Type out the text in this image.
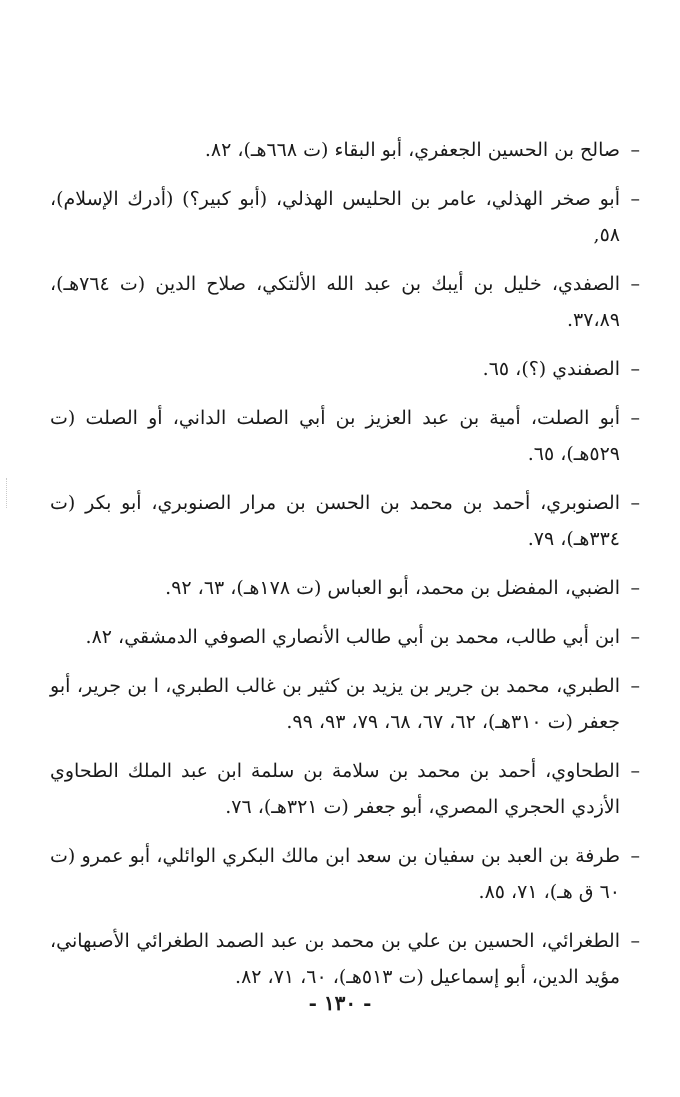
–
صالح بن الحسين الجعفري، أبو البقاء (ت ٦٦٨هـ)، ٨٢.
–
أبو صخر الهذلي، عامر بن الحليس الهذلي، (أبو كبير؟) (أدرك الإسلام)، ٥٨,
–
الصفدي، خليل بن أيبك بن عبد الله الألتكي، صلاح الدين (ت ٧٦٤هـ)، ٣٧،٨٩.
–
الصفندي (؟)، ٦٥.
–
أبو الصلت، أمية بن عبد العزيز بن أبي الصلت الداني، أو الصلت (ت ٥٢٩هـ)، ٦٥.
–
الصنوبري، أحمد بن محمد بن الحسن بن مرار الصنوبري، أبو بكر (ت ٣٣٤هـ)، ٧٩.
–
الضبي، المفضل بن محمد، أبو العباس (ت ١٧٨هـ)، ٦٣، ٩٢.
–
ابن أبي طالب، محمد بن أبي طالب الأنصاري الصوفي الدمشقي، ٨٢.
–
الطبري، محمد بن جرير بن يزيد بن كثير بن غالب الطبري، ا بن جرير، أبو جعفر (ت ٣١٠هـ)، ٦٢، ٦٧، ٦٨، ٧٩، ٩٣، ٩٩.
–
الطحاوي، أحمد بن محمد بن سلامة بن سلمة ابن عبد الملك الطحاوي الأزدي الحجري المصري، أبو جعفر (ت ٣٢١هـ)، ٧٦.
–
طرفة بن العبد بن سفيان بن سعد ابن مالك البكري الوائلي، أبو عمرو (ت ٦٠ ق هـ)، ٧١، ٨٥.
–
الطغرائي، الحسين بن علي بن محمد بن عبد الصمد الطغرائي الأصبهاني، مؤيد الدين، أبو إسماعيل (ت ٥١٣هـ)، ٦٠، ٧١، ٨٢.
- ١٣٠ -
